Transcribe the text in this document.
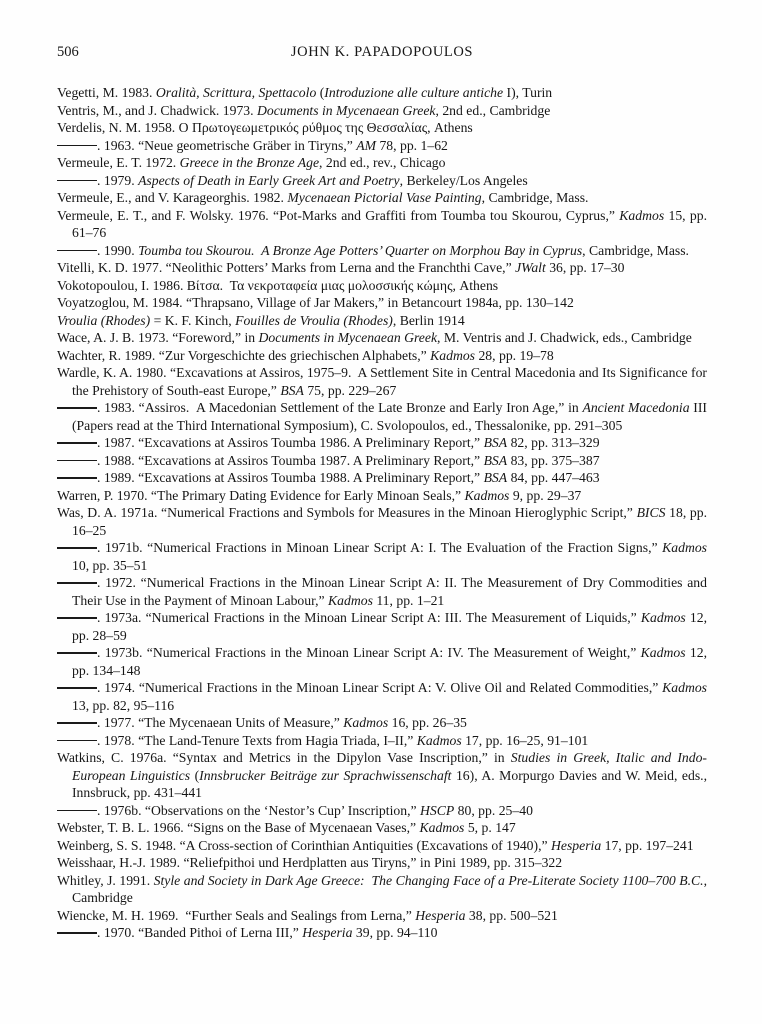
506	JOHN K. PAPADOPOULOS

Vegetti, M. 1983. Oralità, Scrittura, Spettacolo (Introduzione alle culture antiche I), Turin

Ventris, M., and J. Chadwick. 1973. Documents in Mycenaean Greek, 2nd ed., Cambridge

Verdelis, N. M. 1958. Ο Πρωτογεωμετρικός ρύθμος της Θεσσαλίας, Athens

. 1963. “Neue geometrische Gräber in Tiryns,” AM 78, pp. 1–62

Vermeule, E. T. 1972. Greece in the Bronze Age, 2nd ed., rev., Chicago

. 1979. Aspects of Death in Early Greek Art and Poetry, Berkeley/Los Angeles

Vermeule, E., and V. Karageorghis. 1982. Mycenaean Pictorial Vase Painting, Cambridge, Mass.

Vermeule, E. T., and F. Wolsky. 1976. “Pot-Marks and Graffiti from Toumba tou Skourou, Cyprus,” Kadmos 15, pp. 61–76

. 1990. Toumba tou Skourou.  A Bronze Age Potters’ Quarter on Morphou Bay in Cyprus, Cambridge, Mass.

Vitelli, K. D. 1977. “Neolithic Potters’ Marks from Lerna and the Franchthi Cave,” JWalt 36, pp. 17–30

Vokotopoulou, I. 1986. Βίτσα.  Τα νεκροταφεία μιας μολοσσικής κώμης, Athens

Voyatzoglou, M. 1984. “Thrapsano, Village of Jar Makers,” in Betancourt 1984a, pp. 130–142

Vroulia (Rhodes) = K. F. Kinch, Fouilles de Vroulia (Rhodes), Berlin 1914

Wace, A. J. B. 1973. “Foreword,” in Documents in Mycenaean Greek, M. Ventris and J. Chadwick, eds., Cambridge

Wachter, R. 1989. “Zur Vorgeschichte des griechischen Alphabets,” Kadmos 28, pp. 19–78

Wardle, K. A. 1980. “Excavations at Assiros, 1975–9.  A Settlement Site in Central Macedonia and Its Significance for the Prehistory of South-east Europe,” BSA 75, pp. 229–267

. 1983. “Assiros.  A Macedonian Settlement of the Late Bronze and Early Iron Age,” in Ancient Macedonia III (Papers read at the Third International Symposium), C. Svolopoulos, ed., Thessalonike, pp. 291–305

. 1987. “Excavations at Assiros Toumba 1986. A Preliminary Report,” BSA 82, pp. 313–329

. 1988. “Excavations at Assiros Toumba 1987. A Preliminary Report,” BSA 83, pp. 375–387

. 1989. “Excavations at Assiros Toumba 1988. A Preliminary Report,” BSA 84, pp. 447–463

Warren, P. 1970. “The Primary Dating Evidence for Early Minoan Seals,” Kadmos 9, pp. 29–37

Was, D. A. 1971a. “Numerical Fractions and Symbols for Measures in the Minoan Hieroglyphic Script,” BICS 18, pp. 16–25

. 1971b. “Numerical Fractions in Minoan Linear Script A: I. The Evaluation of the Fraction Signs,” Kadmos 10, pp. 35–51

. 1972. “Numerical Fractions in the Minoan Linear Script A: II. The Measurement of Dry Commodities and Their Use in the Payment of Minoan Labour,” Kadmos 11, pp. 1–21

. 1973a. “Numerical Fractions in the Minoan Linear Script A: III. The Measurement of Liquids,” Kadmos 12, pp. 28–59

. 1973b. “Numerical Fractions in the Minoan Linear Script A: IV. The Measurement of Weight,” Kadmos 12, pp. 134–148

. 1974. “Numerical Fractions in the Minoan Linear Script A: V. Olive Oil and Related Commodities,” Kadmos 13, pp. 82, 95–116

. 1977. “The Mycenaean Units of Measure,” Kadmos 16, pp. 26–35

. 1978. “The Land-Tenure Texts from Hagia Triada, I–II,” Kadmos 17, pp. 16–25, 91–101

Watkins, C. 1976a. “Syntax and Metrics in the Dipylon Vase Inscription,” in Studies in Greek, Italic and Indo-European Linguistics (Innsbrucker Beiträge zur Sprachwissenschaft 16), A. Morpurgo Davies and W. Meid, eds., Innsbruck, pp. 431–441

. 1976b. “Observations on the ‘Nestor’s Cup’ Inscription,” HSCP 80, pp. 25–40

Webster, T. B. L. 1966. “Signs on the Base of Mycenaean Vases,” Kadmos 5, p. 147

Weinberg, S. S. 1948. “A Cross-section of Corinthian Antiquities (Excavations of 1940),” Hesperia 17, pp. 197–241

Weisshaar, H.-J. 1989. “Reliefpithoi und Herdplatten aus Tiryns,” in Pini 1989, pp. 315–322

Whitley, J. 1991. Style and Society in Dark Age Greece:  The Changing Face of a Pre-Literate Society 1100–700 B.C., Cambridge

Wiencke, M. H. 1969.  “Further Seals and Sealings from Lerna,” Hesperia 38, pp. 500–521

. 1970. “Banded Pithoi of Lerna III,” Hesperia 39, pp. 94–110
